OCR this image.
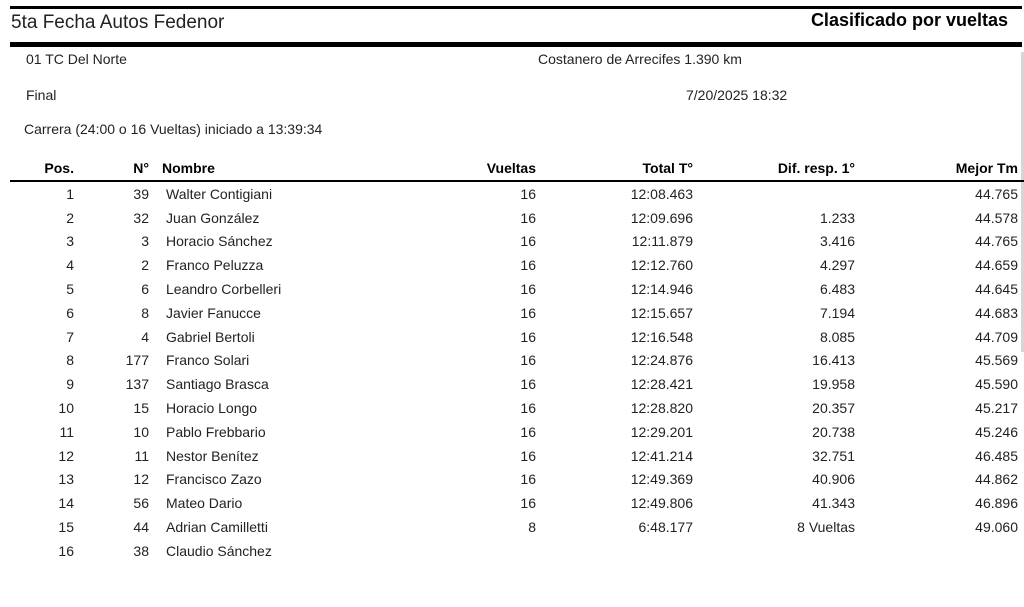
5ta Fecha Autos Fedenor	Clasificado por vueltas
01 TC Del Norte	Costanero de Arrecifes 1.390 km
Final	7/20/2025 18:32
Carrera (24:00 o 16 Vueltas) iniciado a 13:39:34
Pos.	N°	Nombre	Vueltas	Total T°	Dif. resp. 1°	Mejor Tm
1	39	Walter Contigiani	16	12:08.463		44.765
2	32	Juan González	16	12:09.696	1.233	44.578
3	3	Horacio Sánchez	16	12:11.879	3.416	44.765
4	2	Franco Peluzza	16	12:12.760	4.297	44.659
5	6	Leandro Corbelleri	16	12:14.946	6.483	44.645
6	8	Javier Fanucce	16	12:15.657	7.194	44.683
7	4	Gabriel Bertoli	16	12:16.548	8.085	44.709
8	177	Franco Solari	16	12:24.876	16.413	45.569
9	137	Santiago Brasca	16	12:28.421	19.958	45.590
10	15	Horacio Longo	16	12:28.820	20.357	45.217
11	10	Pablo Frebbario	16	12:29.201	20.738	45.246
12	11	Nestor Benítez	16	12:41.214	32.751	46.485
13	12	Francisco Zazo	16	12:49.369	40.906	44.862
14	56	Mateo Dario	16	12:49.806	41.343	46.896
15	44	Adrian Camilletti	8	6:48.177	8 Vueltas	49.060
16	38	Claudio Sánchez				
